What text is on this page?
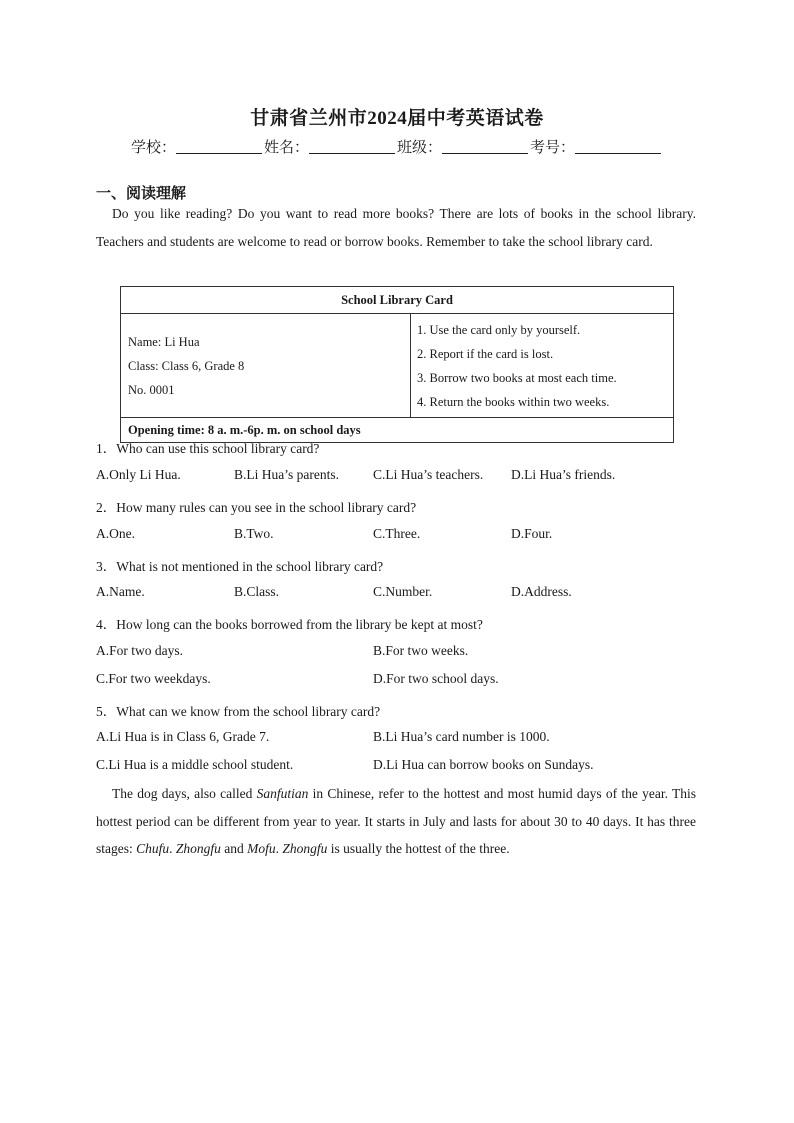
甘肃省兰州市2024届中考英语试卷
学校：	姓名：	班级：	考号：
一、阅读理解
Do you like reading? Do you want to read more books? There are lots of books in the school library. Teachers and students are welcome to read or borrow books. Remember to take the school library card.
School Library Card

Name: Li Hua
Class: Class 6, Grade 8
No. 0001

1. Use the card only by yourself.
2. Report if the card is lost.
3. Borrow two books at most each time.
4. Return the books within two weeks.

Opening time: 8 a. m.-6p. m. on school days
1．Who can use this school library card?
A.Only Li Hua.	B.Li Hua’s parents.	C.Li Hua’s teachers. D.Li Hua’s friends.
2．How many rules can you see in the school library card?
A.One.	B.Two.	C.Three.	D.Four.
3．What is not mentioned in the school library card?
A.Name.	B.Class.	C.Number.	D.Address.
4．How long can the books borrowed from the library be kept at most?
A.For two days.	B.For two weeks.
C.For two weekdays.	D.For two school days.
5．What can we know from the school library card?
A.Li Hua is in Class 6, Grade 7.	B.Li Hua’s card number is 1000.
C.Li Hua is a middle school student.	D.Li Hua can borrow books on Sundays.
The dog days, also called Sanfutian in Chinese, refer to the hottest and most humid days of the year. This hottest period can be different from year to year. It starts in July and lasts for about 30 to 40 days. It has three stages: Chufu. Zhongfu and Mofu. Zhongfu is usually the hottest of the three.
